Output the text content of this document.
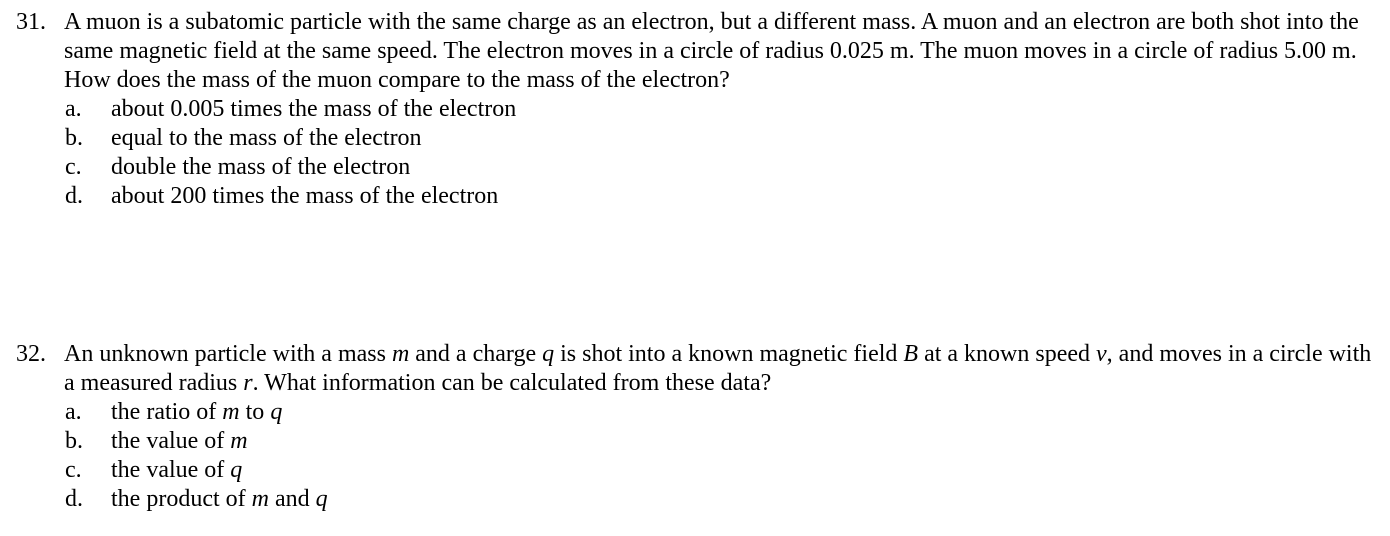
31. A muon is a subatomic particle with the same charge as an electron, but a different mass. A muon and an electron are both shot into the same magnetic field at the same speed. The electron moves in a circle of radius 0.025 m. The muon moves in a circle of radius 5.00 m. How does the mass of the muon compare to the mass of the electron?
a.	about 0.005 times the mass of the electron
b.	equal to the mass of the electron
c.	double the mass of the electron
d.	about 200 times the mass of the electron
32. An unknown particle with a mass m and a charge q is shot into a known magnetic field B at a known speed v, and moves in a circle with a measured radius r. What information can be calculated from these data?
a.	the ratio of m to q
b.	the value of m
c.	the value of q
d.	the product of m and q
